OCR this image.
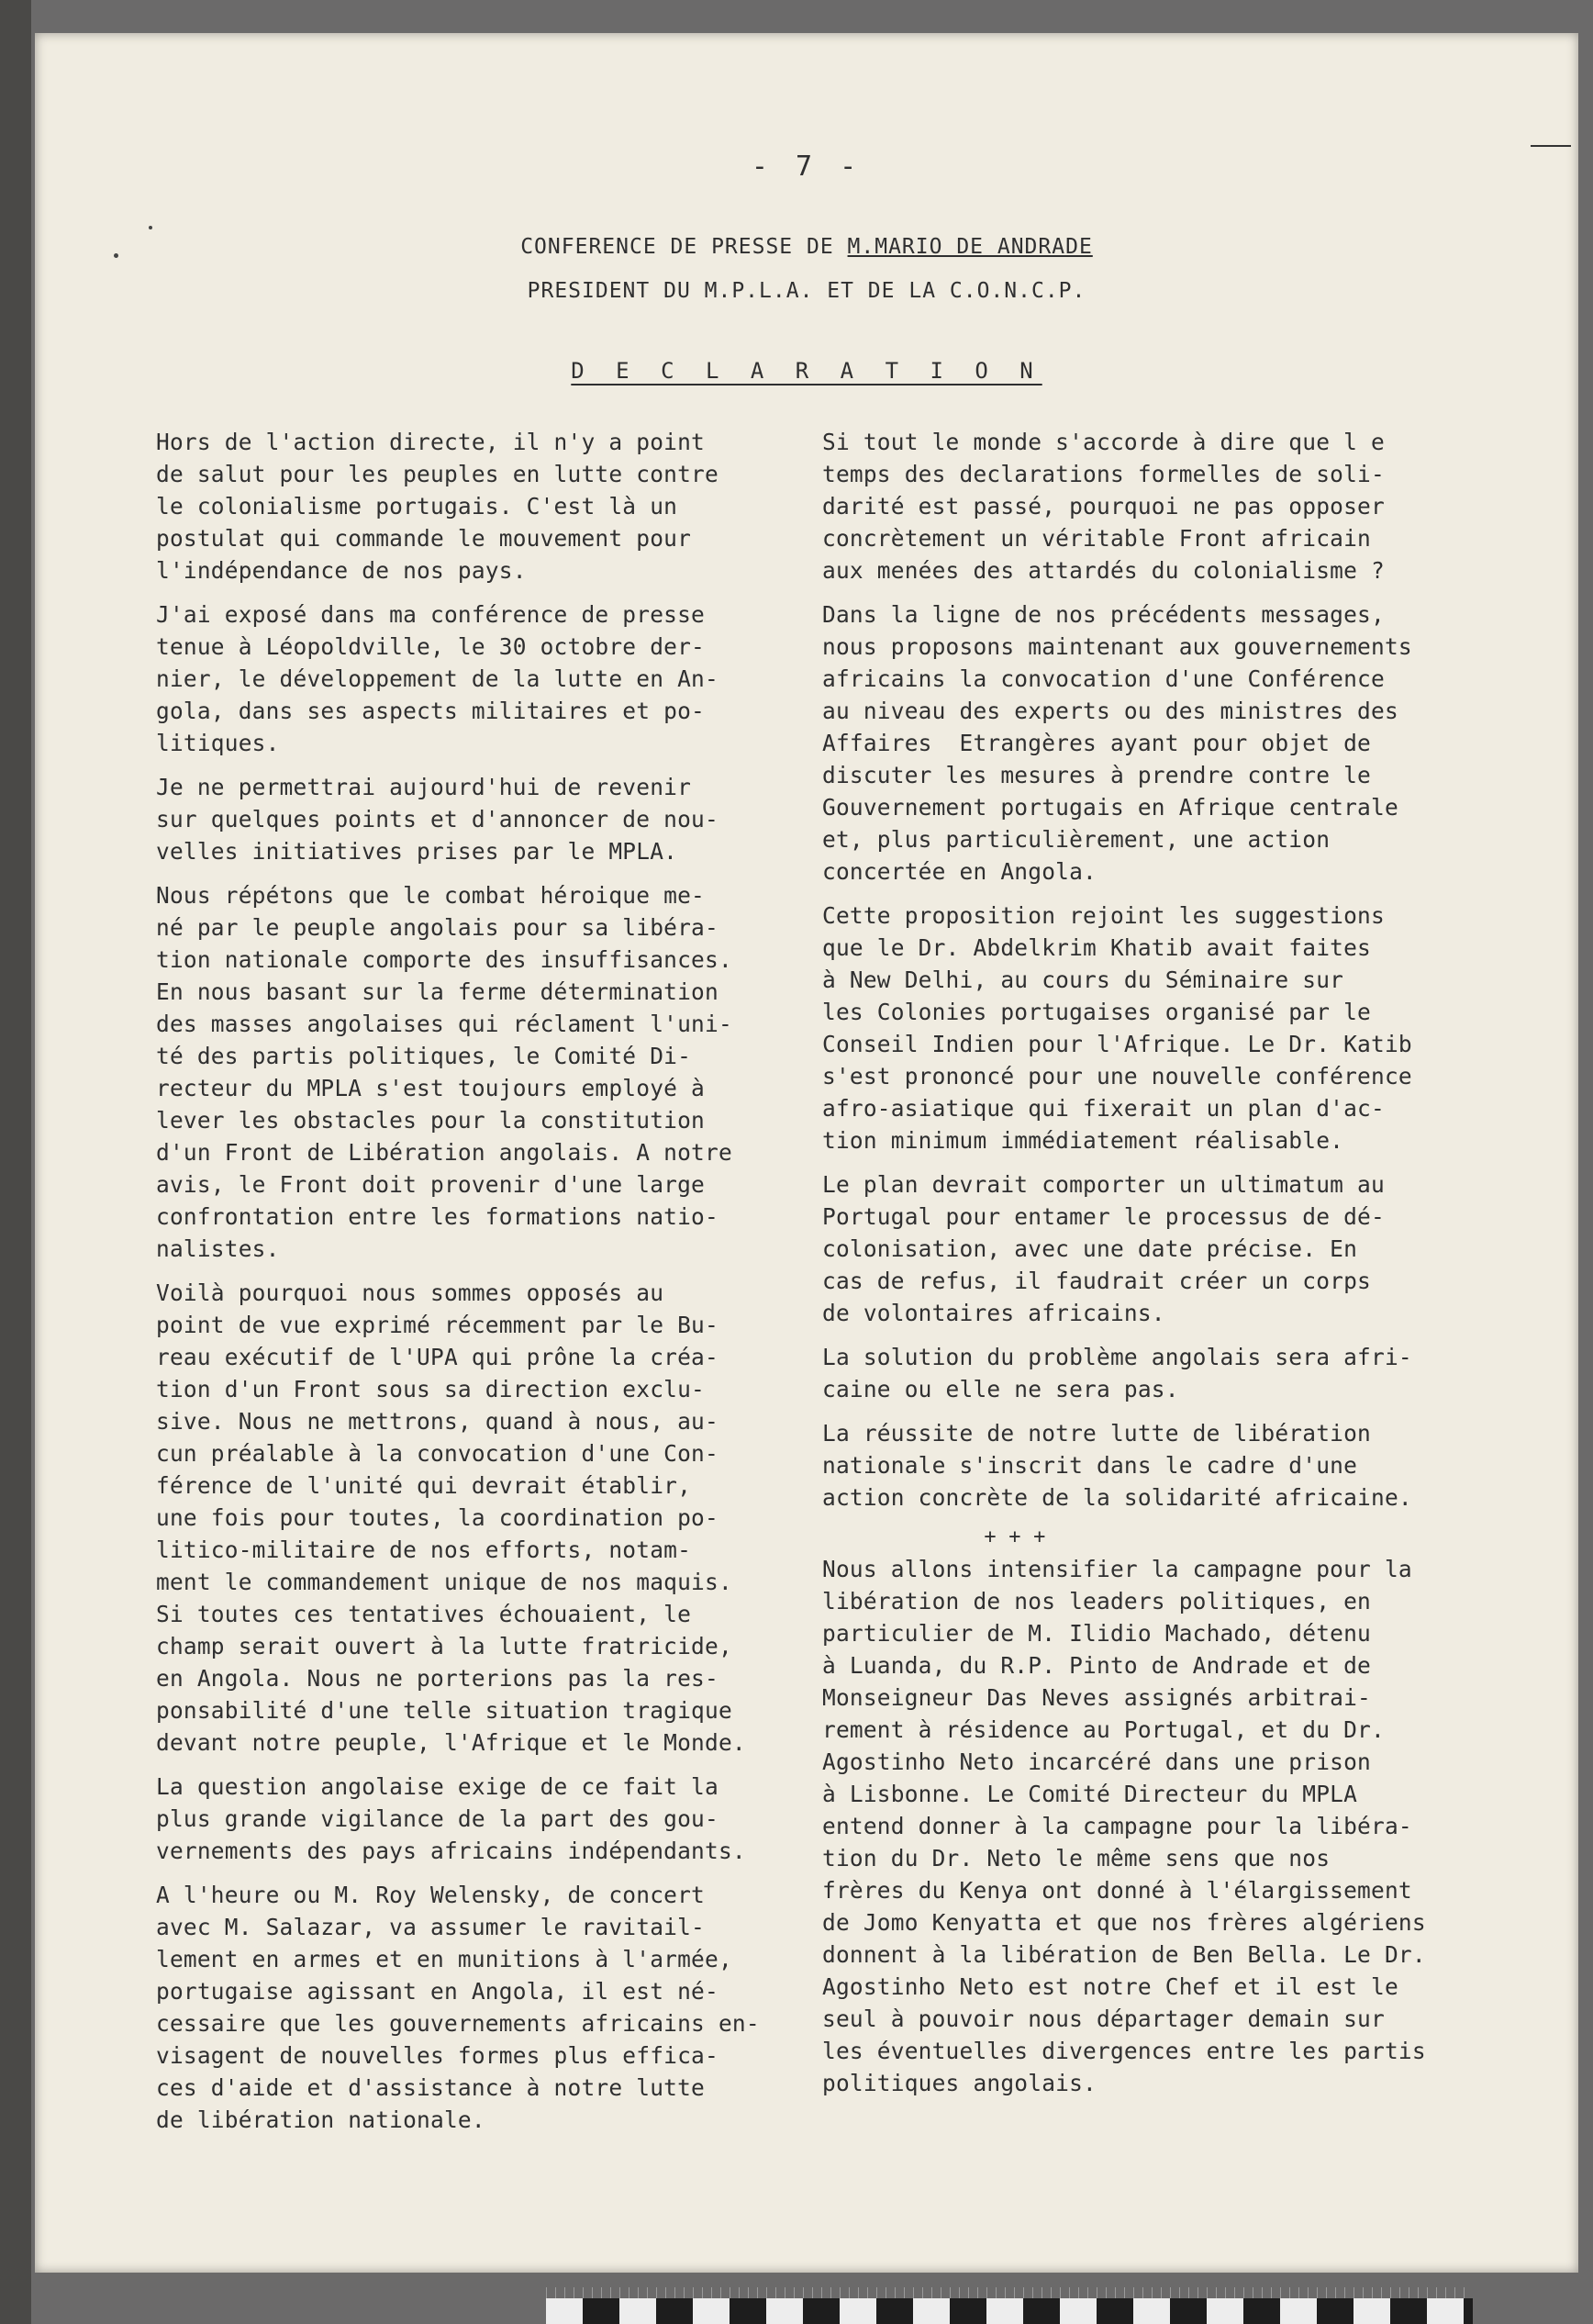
- 7 -
CONFERENCE DE PRESSE DE M.MARIO DE ANDRADE
PRESIDENT DU M.P.L.A. ET DE LA C.O.N.C.P.
D E C L A R A T I O N

Hors de l'action directe, il n'y a point
de salut pour les peuples en lutte contre
le colonialisme portugais. C'est là un
postulat qui commande le mouvement pour
l'indépendance de nos pays.

J'ai exposé dans ma conférence de presse
tenue à Léopoldville, le 30 octobre der-
nier, le développement de la lutte en An-
gola, dans ses aspects militaires et po-
litiques.

Je ne permettrai aujourd'hui de revenir
sur quelques points et d'annoncer de nou-
velles initiatives prises par le MPLA.

Nous répétons que le combat héroique me-
né par le peuple angolais pour sa libéra-
tion nationale comporte des insuffisances.
En nous basant sur la ferme détermination
des masses angolaises qui réclament l'uni-
té des partis politiques, le Comité Di-
recteur du MPLA s'est toujours employé à
lever les obstacles pour la constitution
d'un Front de Libération angolais. A notre
avis, le Front doit provenir d'une large
confrontation entre les formations natio-
nalistes.

Voilà pourquoi nous sommes opposés au
point de vue exprimé récemment par le Bu-
reau exécutif de l'UPA qui prône la créa-
tion d'un Front sous sa direction exclu-
sive. Nous ne mettrons, quand à nous, au-
cun préalable à la convocation d'une Con-
férence de l'unité qui devrait établir,
une fois pour toutes, la coordination po-
litico-militaire de nos efforts, notam-
ment le commandement unique de nos maquis.
Si toutes ces tentatives échouaient, le
champ serait ouvert à la lutte fratricide,
en Angola. Nous ne porterions pas la res-
ponsabilité d'une telle situation tragique
devant notre peuple, l'Afrique et le Monde.

La question angolaise exige de ce fait la
plus grande vigilance de la part des gou-
vernements des pays africains indépendants.

A l'heure ou M. Roy Welensky, de concert
avec M. Salazar, va assumer le ravitail-
lement en armes et en munitions à l'armée,
portugaise agissant en Angola, il est né-
cessaire que les gouvernements africains en-
visagent de nouvelles formes plus effica-
ces d'aide et d'assistance à notre lutte
de libération nationale.

Si tout le monde s'accorde à dire que l e
temps des declarations formelles de soli-
darité est passé, pourquoi ne pas opposer
concrètement un véritable Front africain
aux menées des attardés du colonialisme ?

Dans la ligne de nos précédents messages,
nous proposons maintenant aux gouvernements
africains la convocation d'une Conférence
au niveau des experts ou des ministres des
Affaires  Etrangères ayant pour objet de
discuter les mesures à prendre contre le
Gouvernement portugais en Afrique centrale
et, plus particulièrement, une action
concertée en Angola.

Cette proposition rejoint les suggestions
que le Dr. Abdelkrim Khatib avait faites
à New Delhi, au cours du Séminaire sur
les Colonies portugaises organisé par le
Conseil Indien pour l'Afrique. Le Dr. Katib
s'est prononcé pour une nouvelle conférence
afro-asiatique qui fixerait un plan d'ac-
tion minimum immédiatement réalisable.

Le plan devrait comporter un ultimatum au
Portugal pour entamer le processus de dé-
colonisation, avec une date précise. En
cas de refus, il faudrait créer un corps
de volontaires africains.

La solution du problème angolais sera afri-
caine ou elle ne sera pas.

La réussite de notre lutte de libération
nationale s'inscrit dans le cadre d'une
action concrète de la solidarité africaine.

+ + +

Nous allons intensifier la campagne pour la
libération de nos leaders politiques, en
particulier de M. Ilidio Machado, détenu
à Luanda, du R.P. Pinto de Andrade et de
Monseigneur Das Neves assignés arbitrai-
rement à résidence au Portugal, et du Dr.
Agostinho Neto incarcéré dans une prison
à Lisbonne. Le Comité Directeur du MPLA
entend donner à la campagne pour la libéra-
tion du Dr. Neto le même sens que nos
frères du Kenya ont donné à l'élargissement
de Jomo Kenyatta et que nos frères algériens
donnent à la libération de Ben Bella. Le Dr.
Agostinho Neto est notre Chef et il est le
seul à pouvoir nous départager demain sur
les éventuelles divergences entre les partis
politiques angolais.
